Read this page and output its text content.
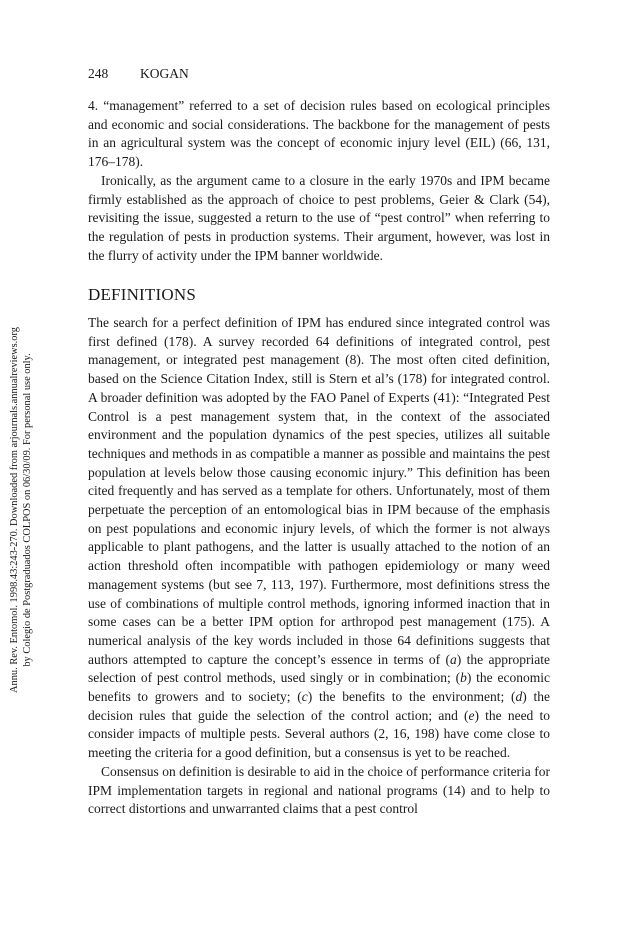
Annu. Rev. Entomol. 1998.43:243-270. Downloaded from arjournals.annualreviews.org by Colegio de Postgraduados COLPOS on 06/30/09. For personal use only.
248 KOGAN

4. “management” referred to a set of decision rules based on ecological principles and economic and social considerations. The backbone for the management of pests in an agricultural system was the concept of economic injury level (EIL) (66, 131, 176–178).

Ironically, as the argument came to a closure in the early 1970s and IPM became firmly established as the approach of choice to pest problems, Geier & Clark (54), revisiting the issue, suggested a return to the use of “pest control” when referring to the regulation of pests in production systems. Their argument, however, was lost in the flurry of activity under the IPM banner worldwide.

DEFINITIONS

The search for a perfect definition of IPM has endured since integrated control was first defined (178). A survey recorded 64 definitions of integrated control, pest management, or integrated pest management (8). The most often cited definition, based on the Science Citation Index, still is Stern et al’s (178) for integrated control. A broader definition was adopted by the FAO Panel of Experts (41): “Integrated Pest Control is a pest management system that, in the context of the associated environment and the population dynamics of the pest species, utilizes all suitable techniques and methods in as compatible a manner as possible and maintains the pest population at levels below those causing economic injury.” This definition has been cited frequently and has served as a template for others. Unfortunately, most of them perpetuate the perception of an entomological bias in IPM because of the emphasis on pest populations and economic injury levels, of which the former is not always applicable to plant pathogens, and the latter is usually attached to the notion of an action threshold often incompatible with pathogen epidemiology or many weed management systems (but see 7, 113, 197). Furthermore, most definitions stress the use of combinations of multiple control methods, ignoring informed inaction that in some cases can be a better IPM option for arthropod pest management (175). A numerical analysis of the key words included in those 64 definitions suggests that authors attempted to capture the concept’s essence in terms of (a) the appropriate selection of pest control methods, used singly or in combination; (b) the economic benefits to growers and to society; (c) the benefits to the environment; (d) the decision rules that guide the selection of the control action; and (e) the need to consider impacts of multiple pests. Several authors (2, 16, 198) have come close to meeting the criteria for a good definition, but a consensus is yet to be reached.

Consensus on definition is desirable to aid in the choice of performance criteria for IPM implementation targets in regional and national programs (14) and to help to correct distortions and unwarranted claims that a pest control
